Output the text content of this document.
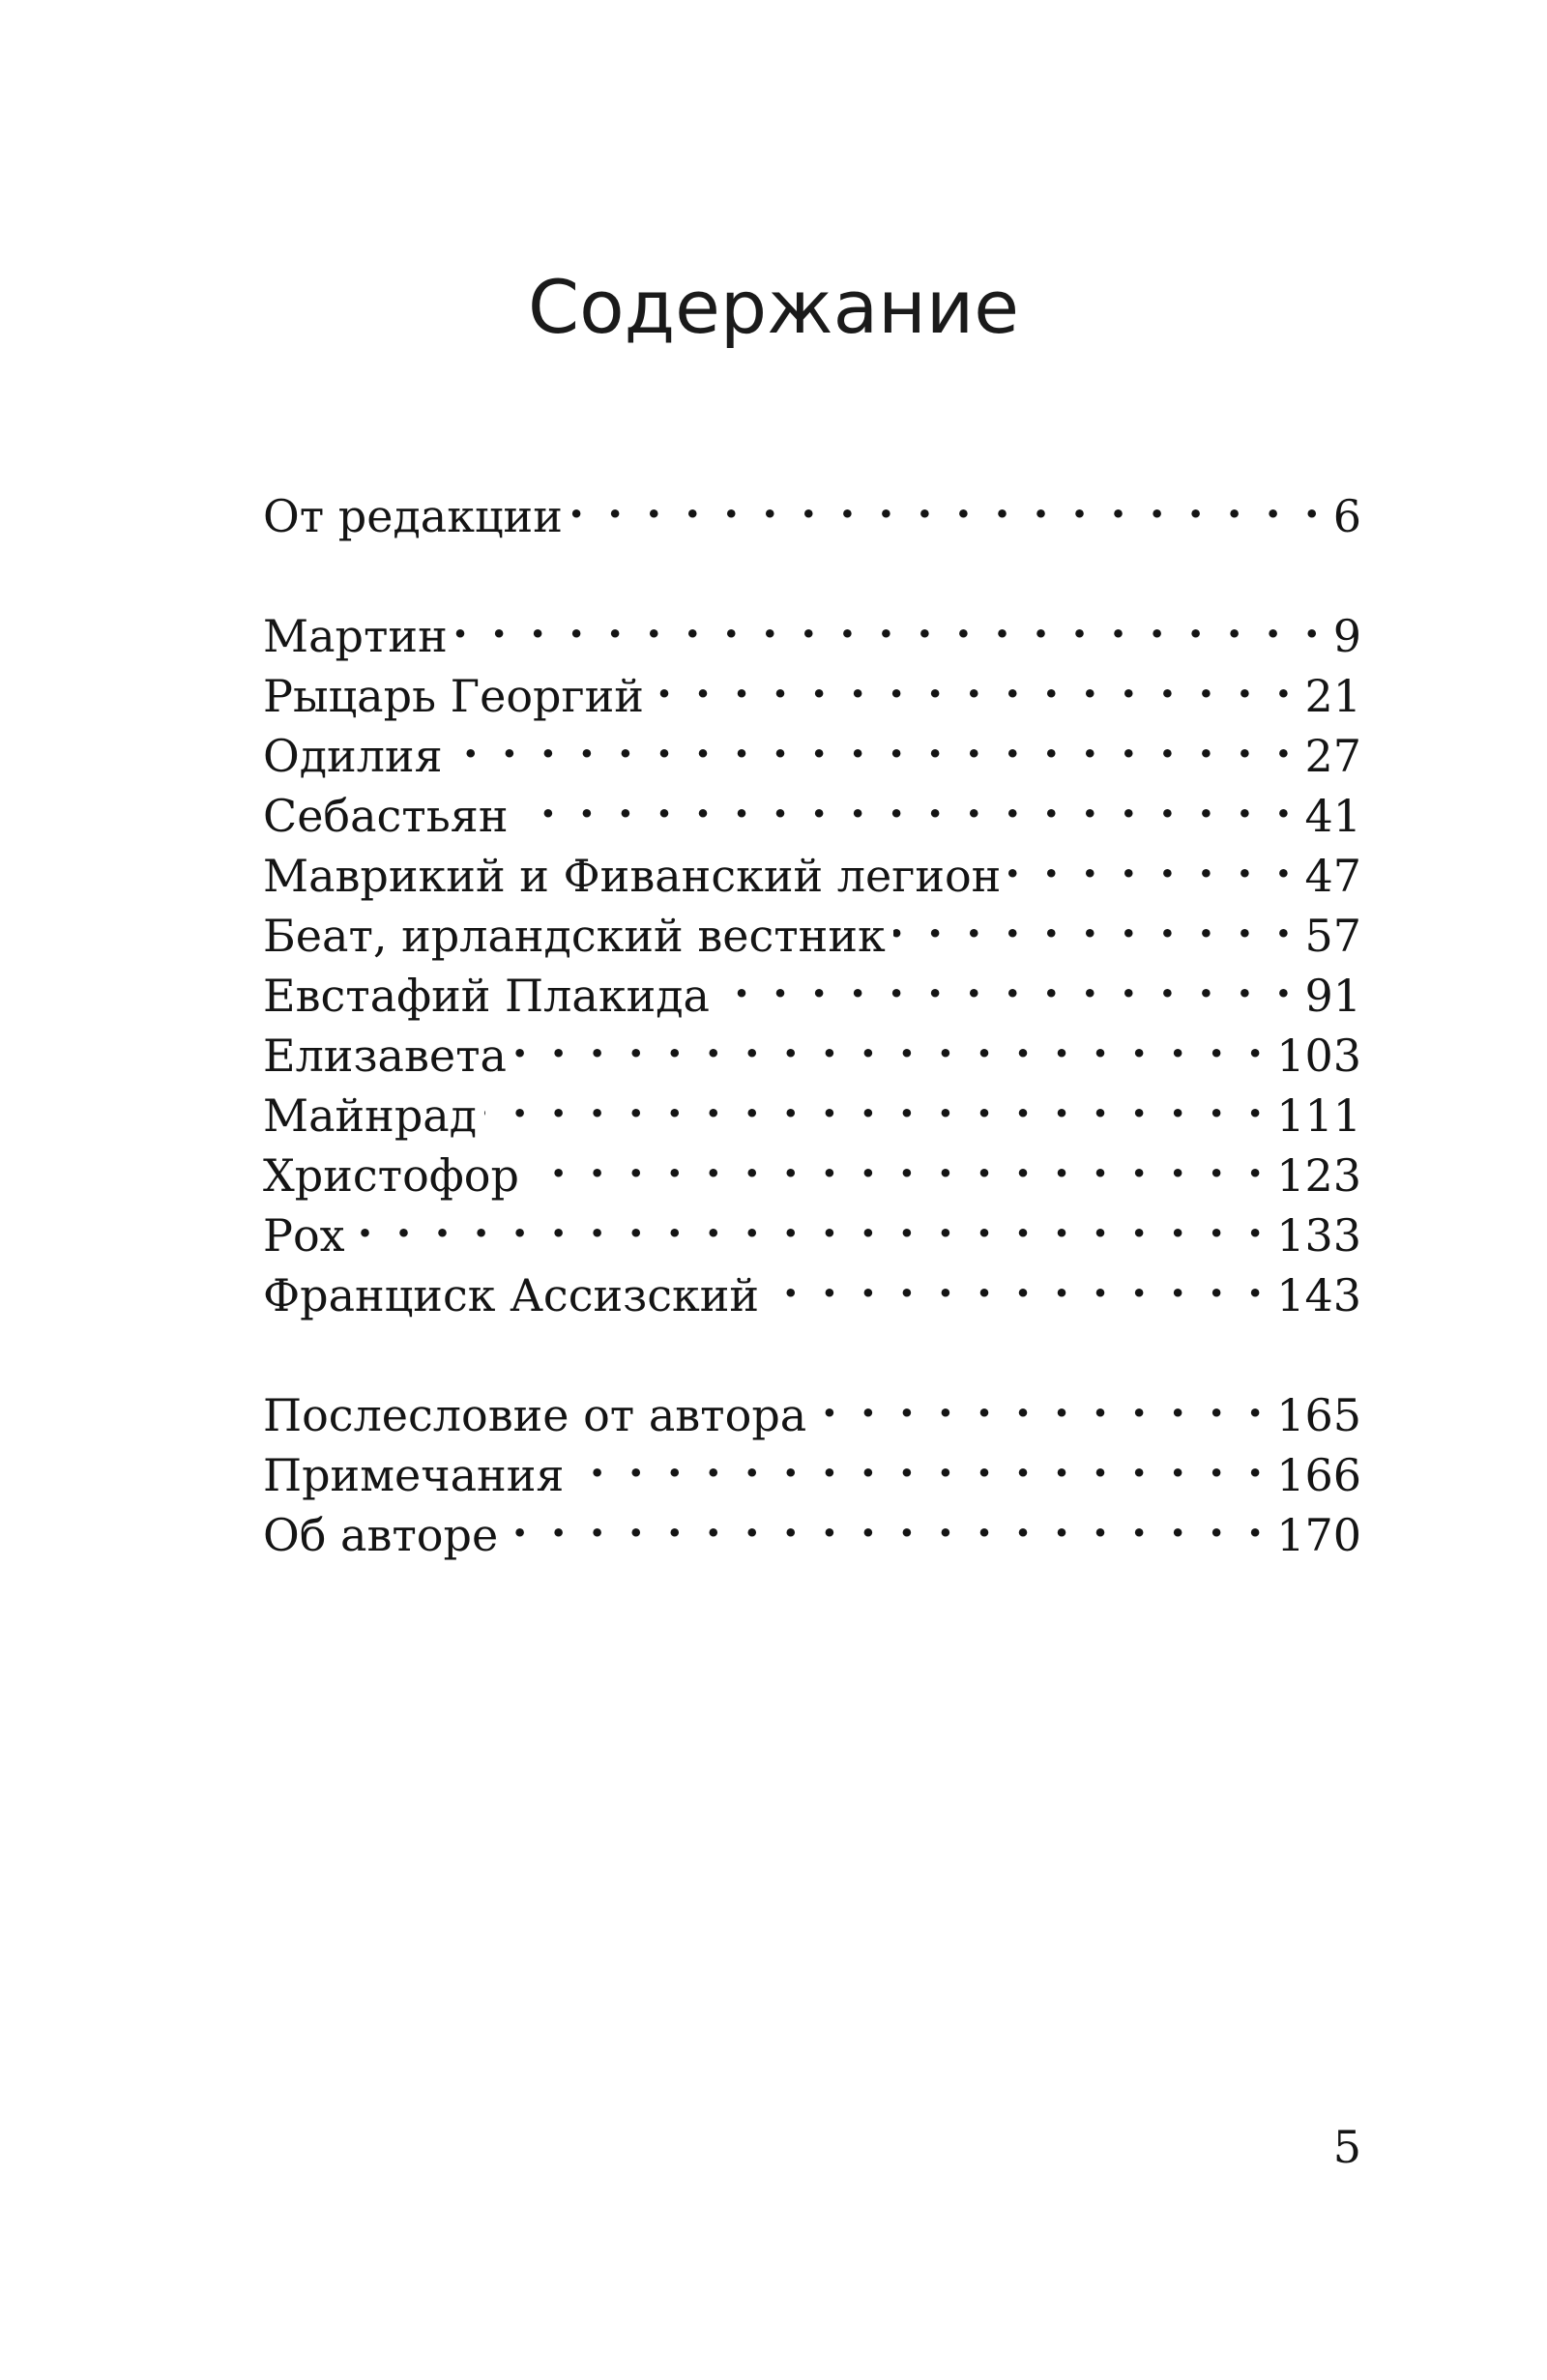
Содержание
От редакции . . .	6
Мартин . . .	9
Рыцарь Георгий . . .	21
Одилия . . .	27
Себастьян . . .	41
Маврикий и Фиванский легион . . .	47
Беат, ирландский вестник . . .	57
Евстафий Плакида . . .	91
Елизавета . . .	103
Майнрад . . .	111
Христофор . . .	123
Рох . . .	133
Франциск Ассизский . . .	143
Послесловие от автора . . .	165
Примечания . . .	166
Об авторе . . .	170
5
